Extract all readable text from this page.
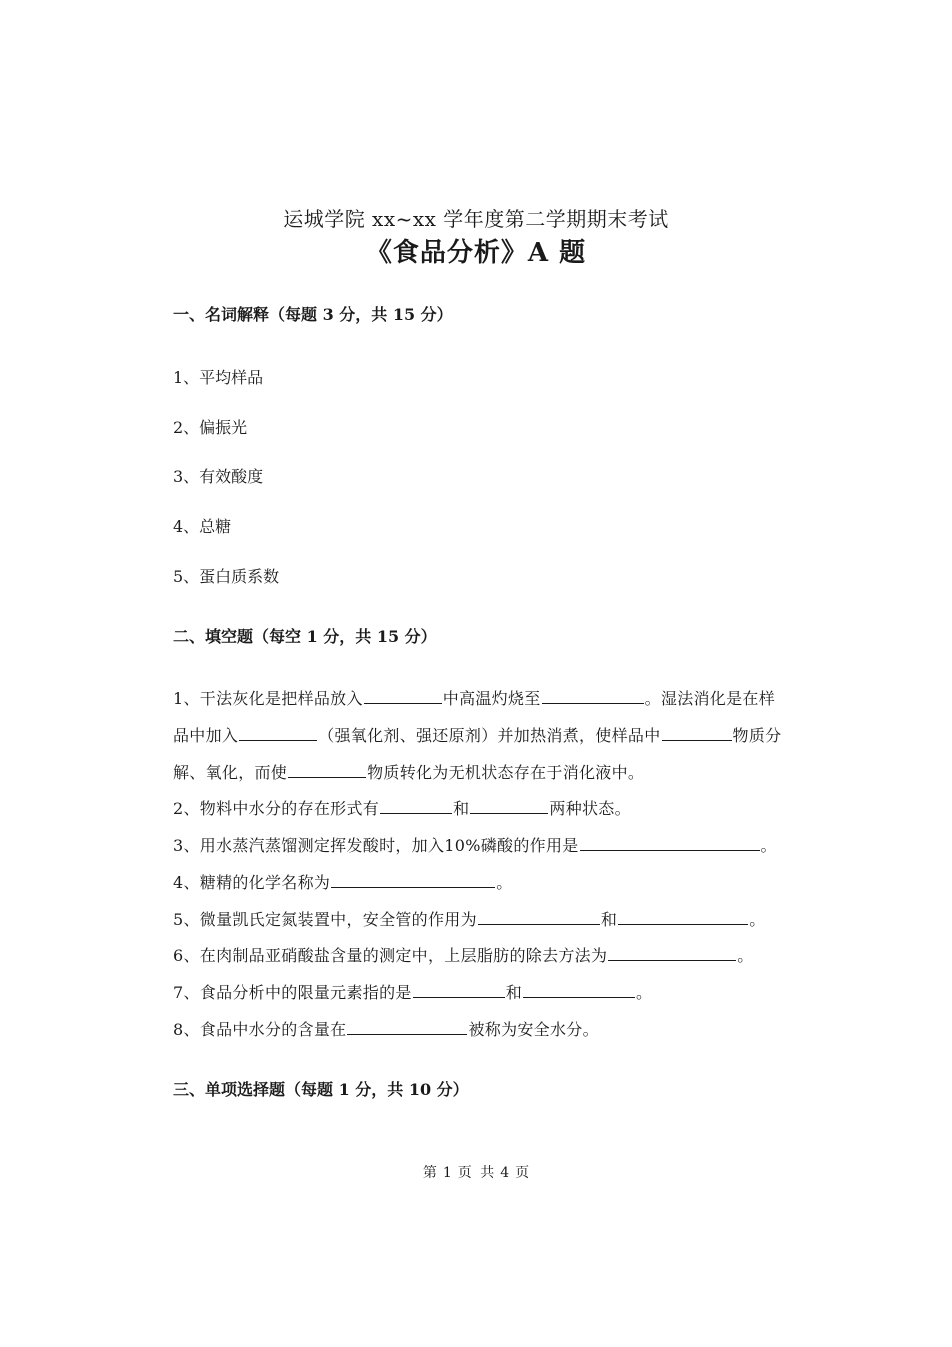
运城学院 xx~xx 学年度第二学期期末考试
《食品分析》A 题
一、名词解释（每题 3 分，共 15 分）
1、平均样品
2、偏振光
3、有效酸度
4、总糖
5、蛋白质系数
二、填空题（每空 1 分，共 15 分）
1、干法灰化是把样品放入	中高温灼烧至	。湿法消化是在样
品中加入	（强氧化剂、强还原剂）并加热消煮，使样品中	物质分
解、氧化，而使	物质转化为无机状态存在于消化液中。
2、物料中水分的存在形式有	和	两种状态。
3、用水蒸汽蒸馏测定挥发酸时，加入10%磷酸的作用是	。
4、糖精的化学名称为	。
5、微量凯氏定氮装置中，安全管的作用为	和	。
6、在肉制品亚硝酸盐含量的测定中，上层脂肪的除去方法为	。
7、食品分析中的限量元素指的是	和	。
8、食品中水分的含量在	被称为安全水分。
三、单项选择题（每题 1 分，共 10 分）
第 1 页 共 4 页
